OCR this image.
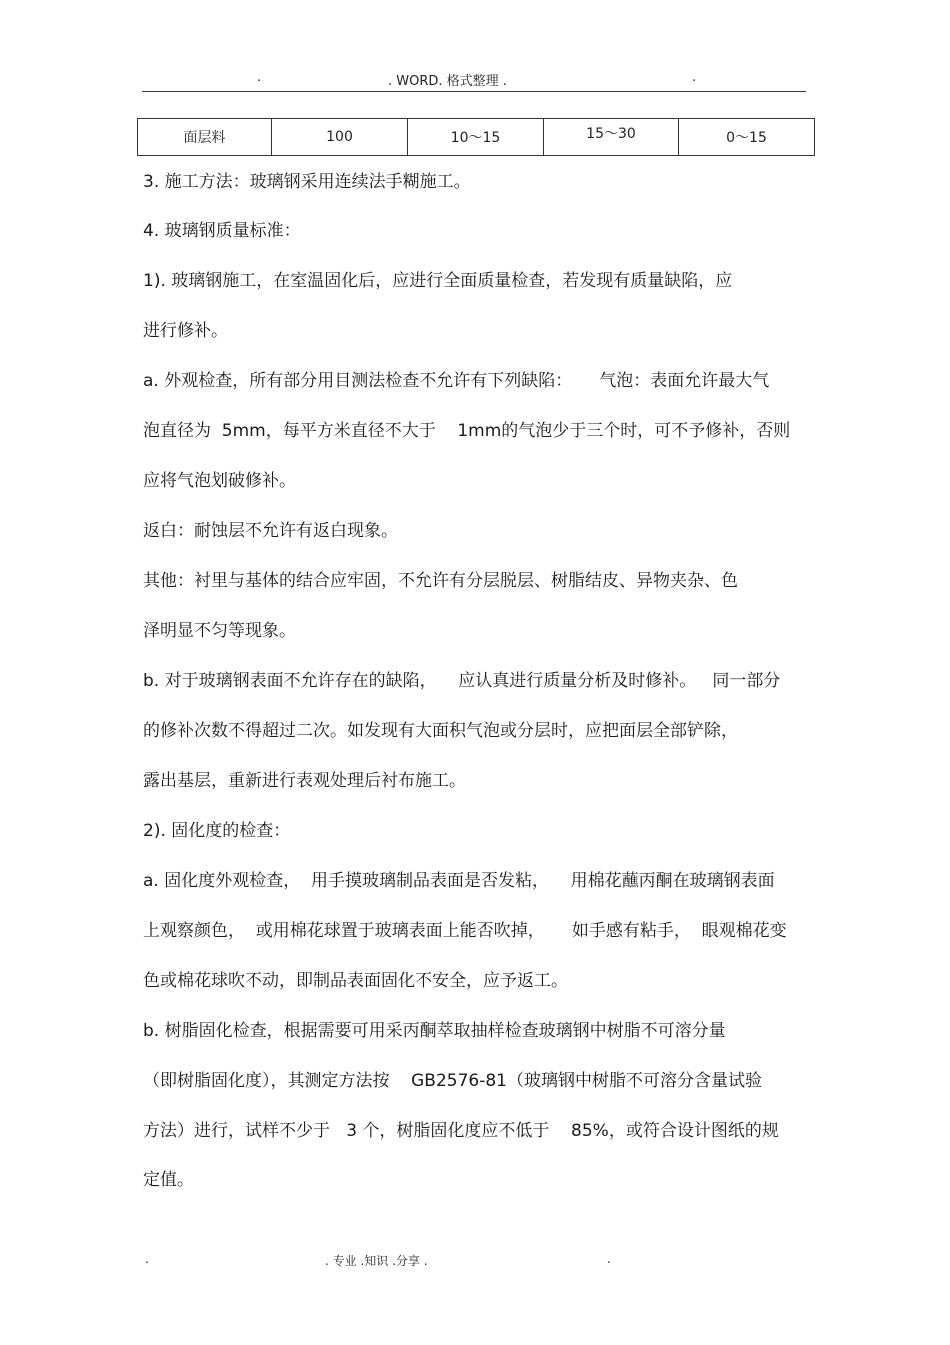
.	. WORD. 格式整理 .	.
面层料	100	10～15	15～30	0～15
3. 施工方法：玻璃钢采用连续法手糊施工。
4. 玻璃钢质量标准：
1). 玻璃钢施工，在室温固化后，应进行全面质量检查，若发现有质量缺陷，应
进行修补。
a. 外观检查，所有部分用目测法检查不允许有下列缺陷：     气泡：表面允许最大气
泡直径为  5mm，每平方米直径不大于    1mm的气泡少于三个时，可不予修补，否则
应将气泡划破修补。
返白：耐蚀层不允许有返白现象。
其他：衬里与基体的结合应牢固，不允许有分层脱层、树脂结皮、异物夹杂、色
泽明显不匀等现象。
b. 对于玻璃钢表面不允许存在的缺陷，    应认真进行质量分析及时修补。   同一部分
的修补次数不得超过二次。如发现有大面积气泡或分层时，应把面层全部铲除，
露出基层，重新进行表观处理后衬布施工。
2). 固化度的检查：
a. 固化度外观检查，  用手摸玻璃制品表面是否发粘，    用棉花蘸丙酮在玻璃钢表面
上观察颜色，  或用棉花球置于玻璃表面上能否吹掉，     如手感有粘手，  眼观棉花变
色或棉花球吹不动，即制品表面固化不安全，应予返工。
b. 树脂固化检查，根据需要可用采丙酮萃取抽样检查玻璃钢中树脂不可溶分量
（即树脂固化度），其测定方法按    GB2576-81（玻璃钢中树脂不可溶分含量试验
方法）进行，试样不少于   3 个，树脂固化度应不低于    85%，或符合设计图纸的规
定值。
.	. 专业 .知识 .分享 .	.
